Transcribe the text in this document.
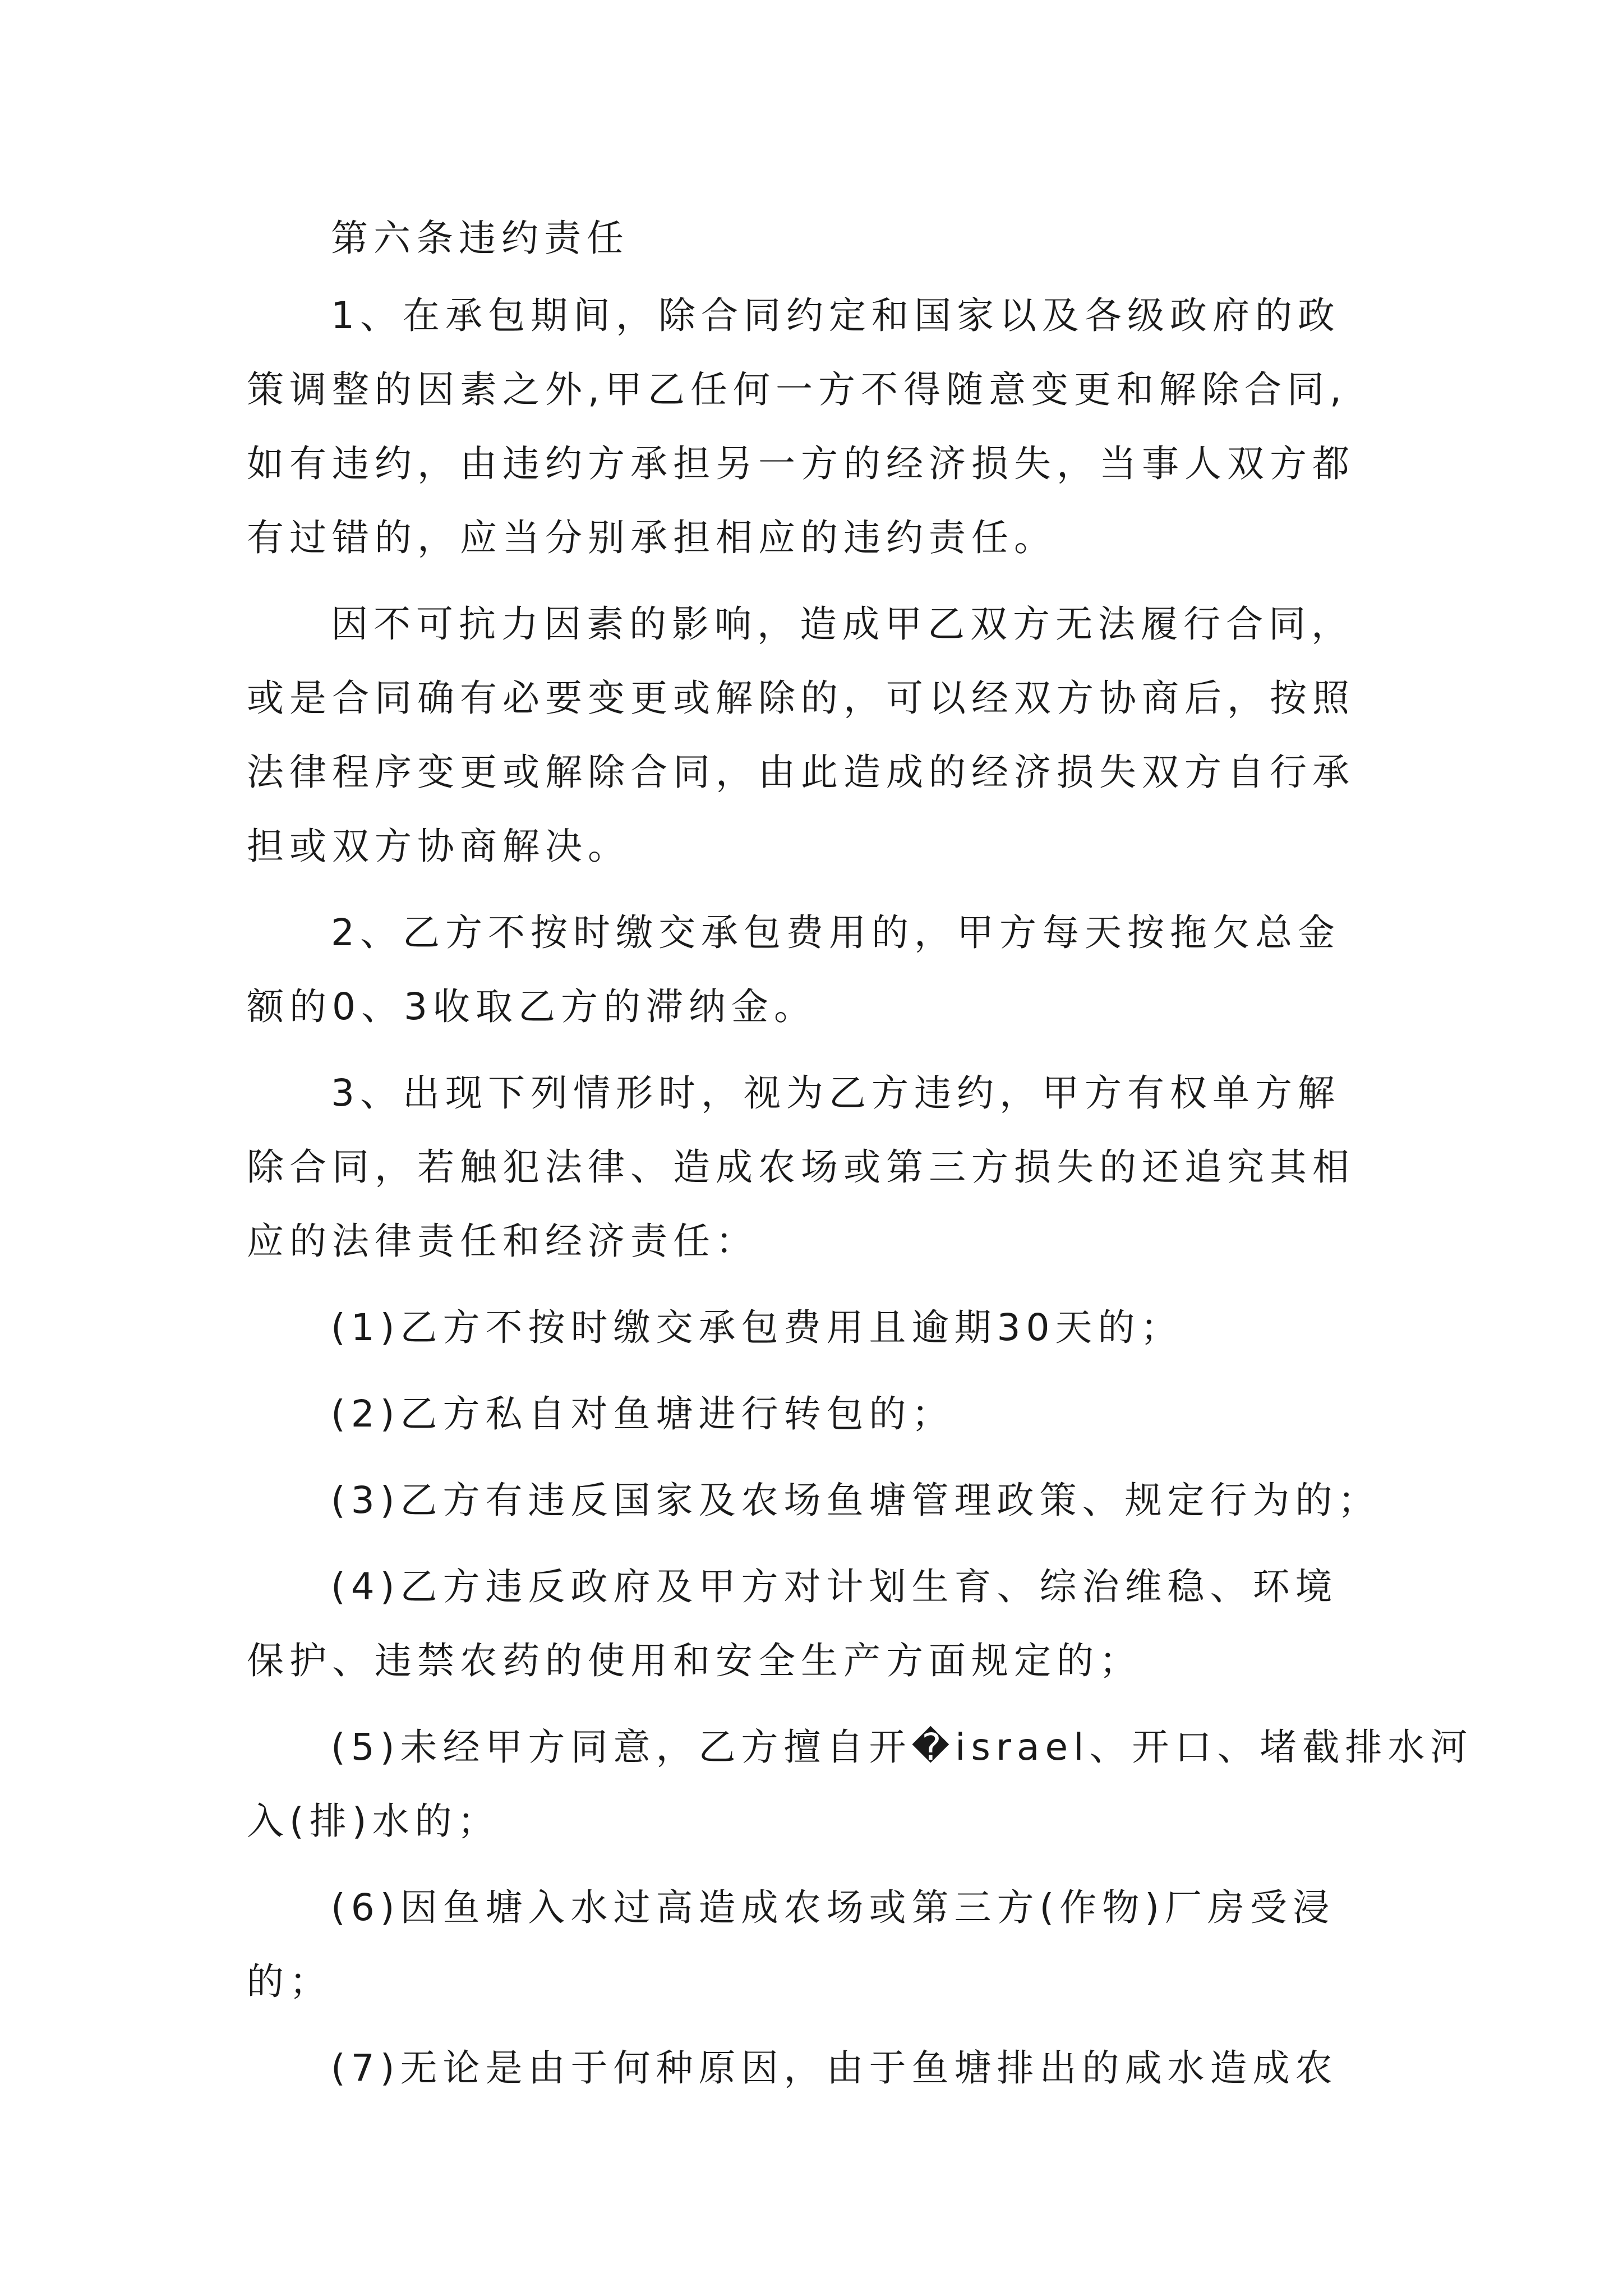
第六条违约责任

1、在承包期间，除合同约定和国家以及各级政府的政

策调整的因素之外,甲乙任何一方不得随意变更和解除合同,

如有违约，由违约方承担另一方的经济损失，当事人双方都

有过错的，应当分别承担相应的违约责任。

因不可抗力因素的影响，造成甲乙双方无法履行合同，

或是合同确有必要变更或解除的，可以经双方协商后，按照

法律程序变更或解除合同，由此造成的经济损失双方自行承

担或双方协商解决。

2、乙方不按时缴交承包费用的，甲方每天按拖欠总金

额的0、3收取乙方的滞纳金。

3、出现下列情形时，视为乙方违约，甲方有权单方解

除合同，若触犯法律、造成农场或第三方损失的还追究其相

应的法律责任和经济责任：

(1)乙方不按时缴交承包费用且逾期30天的；

(2)乙方私自对鱼塘进行转包的；

(3)乙方有违反国家及农场鱼塘管理政策、规定行为的；

(4)乙方违反政府及甲方对计划生育、综治维稳、环境

保护、违禁农药的使用和安全生产方面规定的；

(5)未经甲方同意，乙方擅自开�israel、开口、堵截排水河

入(排)水的；

(6)因鱼塘入水过高造成农场或第三方(作物)厂房受浸

的；

(7)无论是由于何种原因，由于鱼塘排出的咸水造成农
